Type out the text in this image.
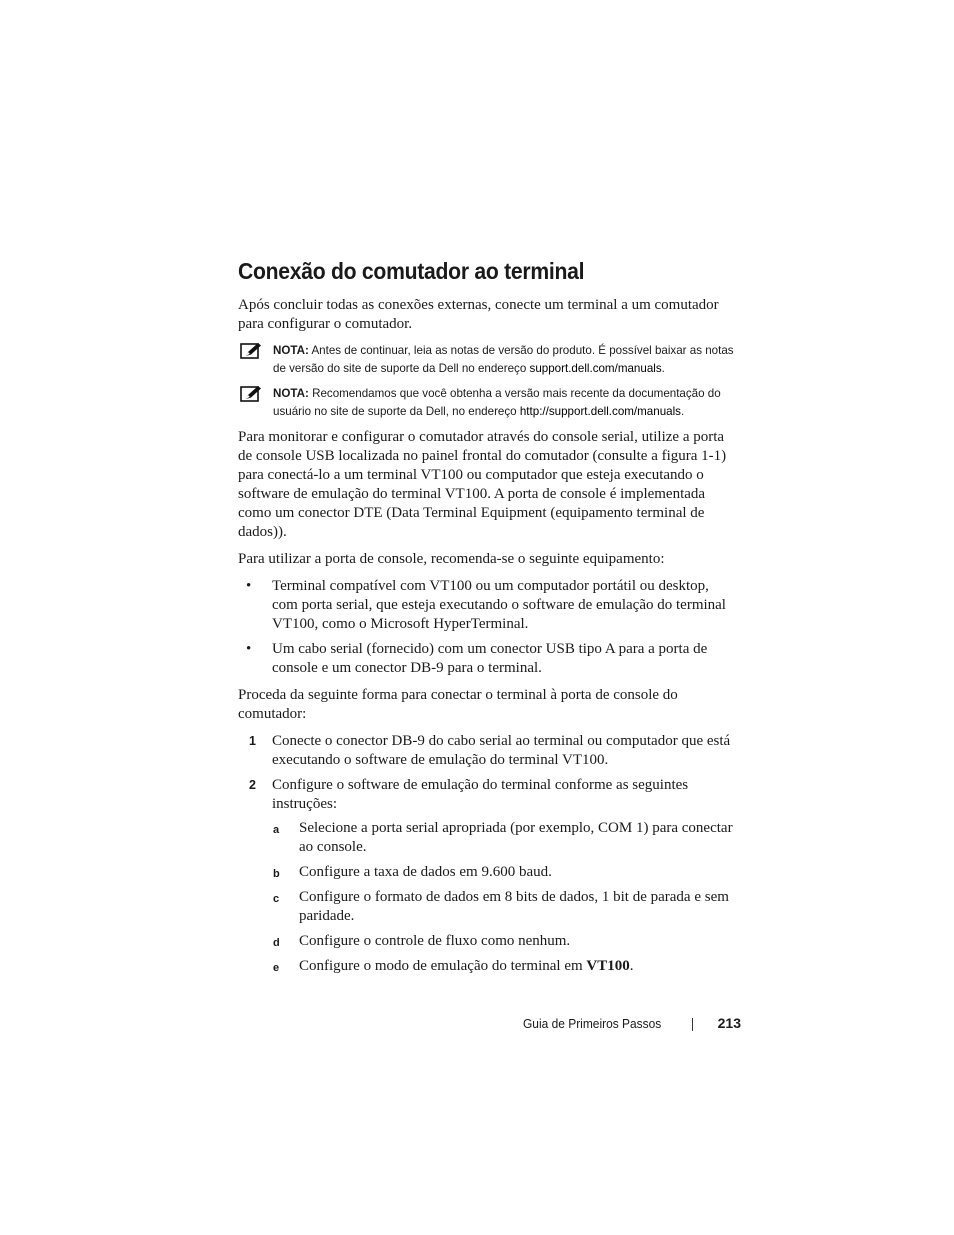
Conexão do comutador ao terminal

Após concluir todas as conexões externas, conecte um terminal a um comutador para configurar o comutador.

NOTA: Antes de continuar, leia as notas de versão do produto. É possível baixar as notas de versão do site de suporte da Dell no endereço support.dell.com/manuals.
NOTA: Recomendamos que você obtenha a versão mais recente da documentação do usuário no site de suporte da Dell, no endereço http://support.dell.com/manuals.

Para monitorar e configurar o comutador através do console serial, utilize a porta de console USB localizada no painel frontal do comutador (consulte a figura 1-1) para conectá-lo a um terminal VT100 ou computador que esteja executando o software de emulação do terminal VT100. A porta de console é implementada como um conector DTE (Data Terminal Equipment (equipamento terminal de dados)).

Para utilizar a porta de console, recomenda-se o seguinte equipamento:

• Terminal compatível com VT100 ou um computador portátil ou desktop, com porta serial, que esteja executando o software de emulação do terminal VT100, como o Microsoft HyperTerminal.
• Um cabo serial (fornecido) com um conector USB tipo A para a porta de console e um conector DB-9 para o terminal.

Proceda da seguinte forma para conectar o terminal à porta de console do comutador:

1 Conecte o conector DB-9 do cabo serial ao terminal ou computador que está executando o software de emulação do terminal VT100.
2 Configure o software de emulação do terminal conforme as seguintes instruções:
a Selecione a porta serial apropriada (por exemplo, COM 1) para conectar ao console.
b Configure a taxa de dados em 9.600 baud.
c Configure o formato de dados em 8 bits de dados, 1 bit de parada e sem paridade.
d Configure o controle de fluxo como nenhum.
e Configure o modo de emulação do terminal em VT100.
Guia de Primeiros Passos	213
